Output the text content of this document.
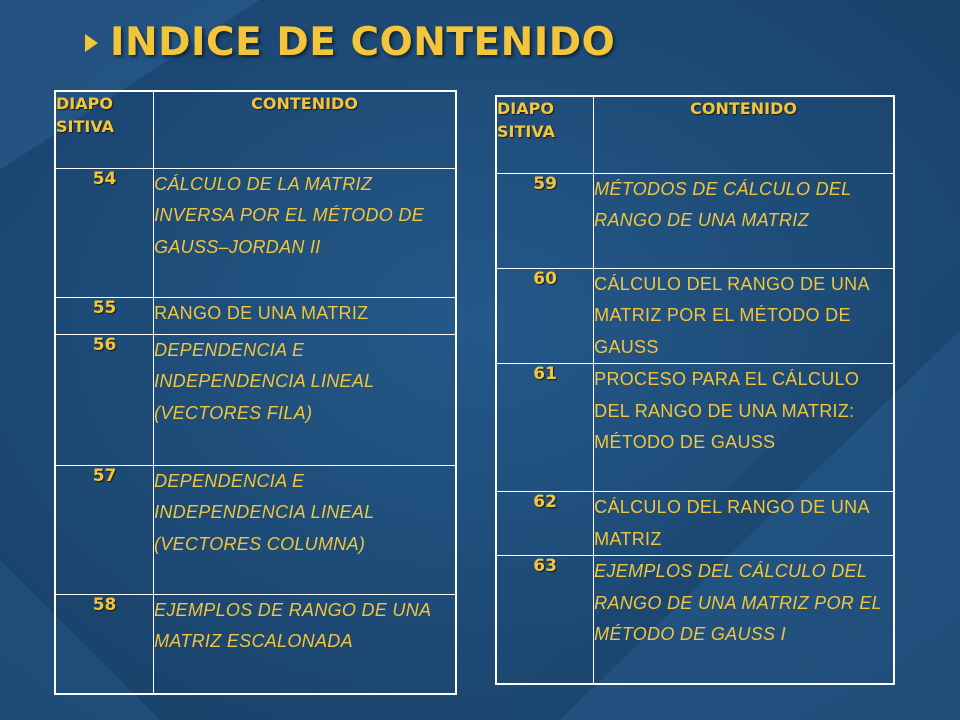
INDICE DE CONTENIDO
DIAPO SITIVA	CONTENIDO

54	CÁLCULO DE LA MATRIZ INVERSA POR EL MÉTODO DE GAUSS–JORDAN II

55	RANGO DE UNA MATRIZ

56	DEPENDENCIA E INDEPENDENCIA LINEAL (VECTORES FILA)

57	DEPENDENCIA E INDEPENDENCIA LINEAL (VECTORES COLUMNA)

58	EJEMPLOS DE RANGO DE UNA MATRIZ ESCALONADA
DIAPO SITIVA	CONTENIDO

59	MÉTODOS DE CÁLCULO DEL RANGO DE UNA MATRIZ

60	CÁLCULO DEL RANGO DE UNA MATRIZ POR EL MÉTODO DE GAUSS

61	PROCESO PARA EL CÁLCULO DEL RANGO DE UNA MATRIZ: MÉTODO DE GAUSS

62	CÁLCULO DEL RANGO DE UNA MATRIZ

63	EJEMPLOS DEL CÁLCULO DEL RANGO DE UNA MATRIZ POR EL MÉTODO DE GAUSS I
